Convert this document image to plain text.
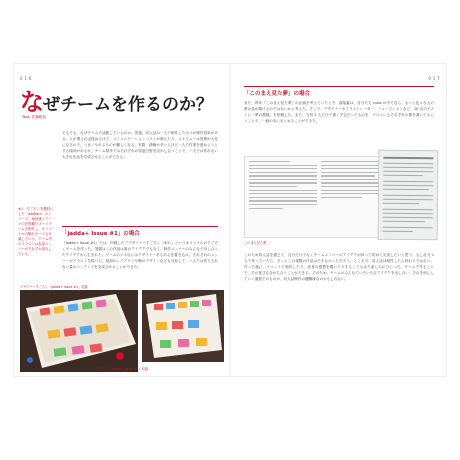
0 1 6
なぜチームを作るのか？
Text: 佐藤雅裕
そもそも、なぜチームで活動しているのか。普通、同人誌は一人で制作したほうが制作効率がある。人が増えれば揉めるほど、コミュニケーションコストが増えたり、スケジュール管理が大変になるので、うまくやれるものが難しくなる。実際、経験が多い人ほど一人で作業を進めようとする傾向があるが、チーム制作ではそれぞれの得意分野を活かし合うことで、一人では作れない大きな作品を完成させることができる。
※1：すごろくを題材にした「dadda+」のシリーズ。毎回違うテーマの世界観でボードゲームを制作し、オリジナルの駒やカードも付属している。ゲーム内のイラストは参加メンバーがそれぞれ担当している。
「jadda+ Issue #1」の場合
『jadda+ Issue #1』では、印刷した『デザイナーすごろく（※1）』というオリジナルのすごろくゲームを作った。発端はこの作品は誰のアイデアでもなく、制作メンバーのみんなで出し合ったアイデアから生まれた。ゲームのマス目にはデザイナーあるあるを書き込み、それぞれのメンバーがイラストを描いた。紙面のレイアウトや駒のデザインなども分担して、一人では作りきれない量のコンテンツを完成させることができた。
デザイナーすごろく『jadda+ Issue #1』収録
すごろく『jadda+ Issue #1』収録
0 1 7
「このまえ見た夢」の場合
また、昨年『このまえ見た夢』の企画を考えていたとき、面接番は、自分たち cube の中でなら、もっと色々な人の夢の話が聞けるのではないかと考えた。そこで、デザイナーやイラストレーター、ミュージシャンなど、10 名のゲストに「夢の模様」を依頼した。また、当初 2 人だけで書く予定だったものを、ゲストにもそれぞれの夢を書いてもらうことで、一冊の本にまとめることができた。
このまえ見た夢
このため同人誌を通じて、自分だけでなくチームメンバーのアイデアが持って初めて完成したいと思う。もし自分 1 人で作っていたら、きっとこの規模の作品はできなかっただろう。ところで、同人誌は制作したら終わりではない。作った後に、イベントで頒布したり、読者の感想を聞いたりすることもまた楽しみのひとつだ。チームで作ることで、その喜びも分かち合うことができる。そのため、チームのみんなでいろいろなアイデアを出し合い、それを形にしていく過程そのものが、同人誌制作の醍醐味なのかもしれない。
